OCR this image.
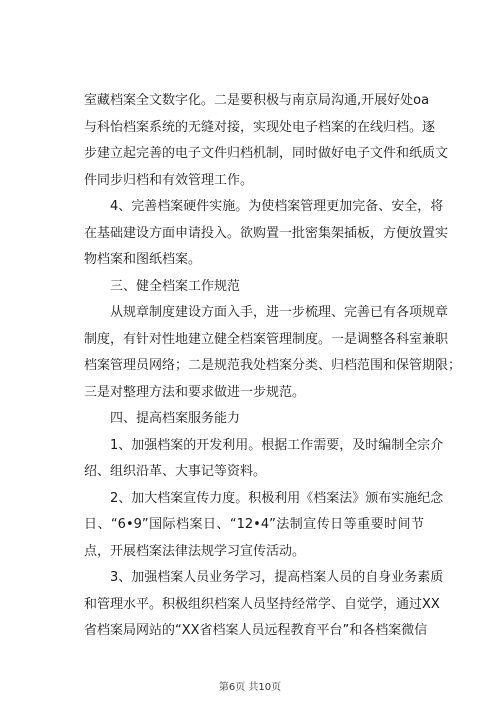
室藏档案全文数字化。二是要积极与南京局沟通,开展好处oa
与科怡档案系统的无缝对接，实现处电子档案的在线归档。逐
步建立起完善的电子文件归档机制，同时做好电子文件和纸质文
件同步归档和有效管理工作。
4、完善档案硬件实施。为使档案管理更加完备、安全，将
在基础建设方面申请投入。欲购置一批密集架插板，方便放置实
物档案和图纸档案。
三、健全档案工作规范
从规章制度建设方面入手，进一步梳理、完善已有各项规章
制度，有针对性地建立健全档案管理制度。一是调整各科室兼职
档案管理员网络；二是规范我处档案分类、归档范围和保管期限；
三是对整理方法和要求做进一步规范。
四、提高档案服务能力
1、加强档案的开发利用。根据工作需要，及时编制全宗介
绍、组织沿革、大事记等资料。
2、加大档案宣传力度。积极利用《档案法》颁布实施纪念
日、“6•9”国际档案日、“12•4”法制宣传日等重要时间节
点，开展档案法律法规学习宣传活动。
3、加强档案人员业务学习，提高档案人员的自身业务素质
和管理水平。积极组织档案人员坚持经常学、自觉学，通过XX
省档案局网站的“XX省档案人员远程教育平台”和各档案微信
第6页 共10页
